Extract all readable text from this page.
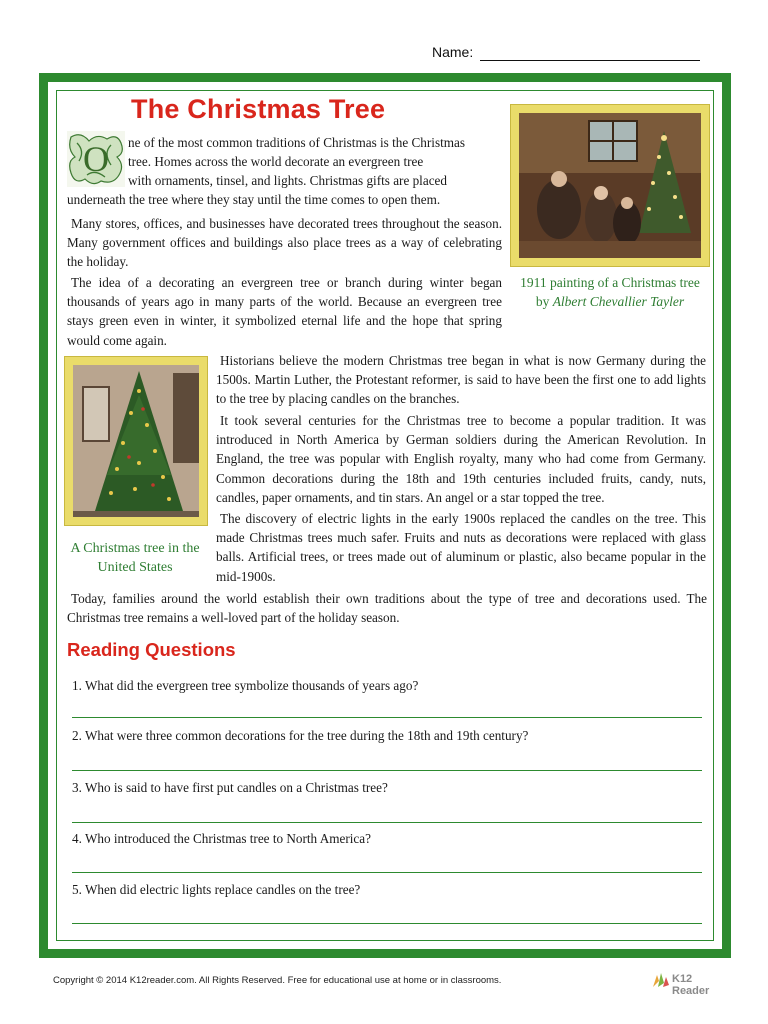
Name:
The Christmas Tree
O ne of the most common traditions of Christmas is the Christmas
tree. Homes across the world decorate an evergreen tree
with ornaments, tinsel, and lights. Christmas gifts are placed
underneath the tree where they stay until the time comes to open them.
Many stores, offices, and businesses have decorated trees throughout the season. Many government offices and buildings also place trees as a way of celebrating the holiday.
The idea of a decorating an evergreen tree or branch during winter began thousands of years ago in many parts of the world. Because an evergreen tree stays green even in winter, it symbolized eternal life and the hope that spring would come again.
1911 painting of a Christmas tree
by Albert Chevallier Tayler
A Christmas tree in the
United States
Historians believe the modern Christmas tree began in what is now Germany during the 1500s. Martin Luther, the Protestant reformer, is said to have been the first one to add lights to the tree by placing candles on the branches.
It took several centuries for the Christmas tree to become a popular tradition. It was introduced in North America by German soldiers during the American Revolution. In England, the tree was popular with English royalty, many who had come from Germany. Common decorations during the 18th and 19th centuries included fruits, candy, nuts, candles, paper ornaments, and tin stars. An angel or a star topped the tree.
The discovery of electric lights in the early 1900s replaced the candles on the tree. This made Christmas trees much safer. Fruits and nuts as decorations were replaced with glass balls. Artificial trees, or trees made out of aluminum or plastic, also became popular in the mid-1900s.
Today, families around the world establish their own traditions about the type of tree and decorations used. The Christmas tree remains a well-loved part of the holiday season.
Reading Questions
1. What did the evergreen tree symbolize thousands of years ago?
2. What were three common decorations for the tree during the 18th and 19th century?
3. Who is said to have first put candles on a Christmas tree?
4. Who introduced the Christmas tree to North America?
5. When did electric lights replace candles on the tree?
Copyright © 2014 K12reader.com. All Rights Reserved. Free for educational use at home or in classrooms.	K12 Reader
